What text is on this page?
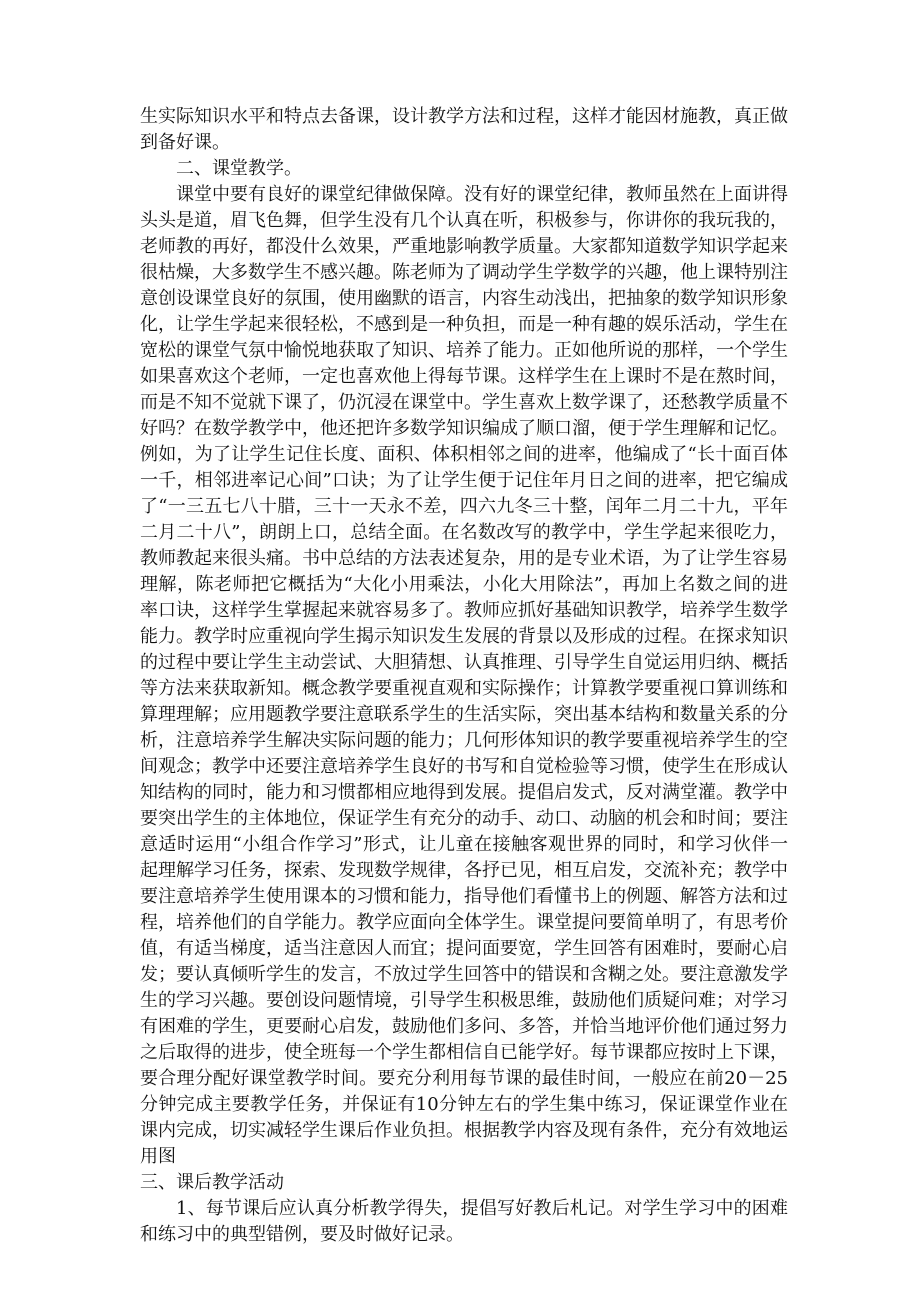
生实际知识水平和特点去备课，设计教学方法和过程，这样才能因材施教，真正做到备好课。

二、课堂教学。

课堂中要有良好的课堂纪律做保障。没有好的课堂纪律，教师虽然在上面讲得头头是道，眉飞色舞，但学生没有几个认真在听，积极参与，你讲你的我玩我的，老师教的再好，都没什么效果，严重地影响教学质量。大家都知道数学知识学起来很枯燥，大多数学生不感兴趣。陈老师为了调动学生学数学的兴趣，他上课特别注意创设课堂良好的氛围，使用幽默的语言，内容生动浅出，把抽象的数学知识形象化，让学生学起来很轻松，不感到是一种负担，而是一种有趣的娱乐活动，学生在宽松的课堂气氛中愉悦地获取了知识、培养了能力。正如他所说的那样，一个学生如果喜欢这个老师，一定也喜欢他上得每节课。这样学生在上课时不是在熬时间，而是不知不觉就下课了，仍沉浸在课堂中。学生喜欢上数学课了，还愁教学质量不好吗？在数学教学中，他还把许多数学知识编成了顺口溜，便于学生理解和记忆。例如，为了让学生记住长度、面积、体积相邻之间的进率，他编成了“长十面百体一千，相邻进率记心间”口诀；为了让学生便于记住年月日之间的进率，把它编成了“一三五七八十腊，三十一天永不差，四六九冬三十整，闰年二月二十九，平年二月二十八”，朗朗上口，总结全面。在名数改写的教学中，学生学起来很吃力，教师教起来很头痛。书中总结的方法表述复杂，用的是专业术语，为了让学生容易理解，陈老师把它概括为“大化小用乘法，小化大用除法”，再加上名数之间的进率口诀，这样学生掌握起来就容易多了。教师应抓好基础知识教学，培养学生数学能力。教学时应重视向学生揭示知识发生发展的背景以及形成的过程。在探求知识的过程中要让学生主动尝试、大胆猜想、认真推理、引导学生自觉运用归纳、概括等方法来获取新知。概念教学要重视直观和实际操作；计算教学要重视口算训练和算理理解；应用题教学要注意联系学生的生活实际，突出基本结构和数量关系的分析，注意培养学生解决实际问题的能力；几何形体知识的教学要重视培养学生的空间观念；教学中还要注意培养学生良好的书写和自觉检验等习惯，使学生在形成认知结构的同时，能力和习惯都相应地得到发展。提倡启发式，反对满堂灌。教学中要突出学生的主体地位，保证学生有充分的动手、动口、动脑的机会和时间；要注意适时运用“小组合作学习”形式，让儿童在接触客观世界的同时，和学习伙伴一起理解学习任务，探索、发现数学规律，各抒已见，相互启发，交流补充；教学中要注意培养学生使用课本的习惯和能力，指导他们看懂书上的例题、解答方法和过程，培养他们的自学能力。教学应面向全体学生。课堂提问要简单明了，有思考价值，有适当梯度，适当注意因人而宜；提问面要宽，学生回答有困难时，要耐心启发；要认真倾听学生的发言，不放过学生回答中的错误和含糊之处。要注意激发学生的学习兴趣。要创设问题情境，引导学生积极思维，鼓励他们质疑问难；对学习有困难的学生，更要耐心启发，鼓励他们多问、多答，并恰当地评价他们通过努力之后取得的进步，使全班每一个学生都相信自已能学好。每节课都应按时上下课，要合理分配好课堂教学时间。要充分利用每节课的最佳时间，一般应在前20－25分钟完成主要教学任务，并保证有10分钟左右的学生集中练习，保证课堂作业在课内完成，切实减轻学生课后作业负担。根据教学内容及现有条件，充分有效地运用图

三、课后教学活动

1、每节课后应认真分析教学得失，提倡写好教后札记。对学生学习中的困难和练习中的典型错例，要及时做好记录。
